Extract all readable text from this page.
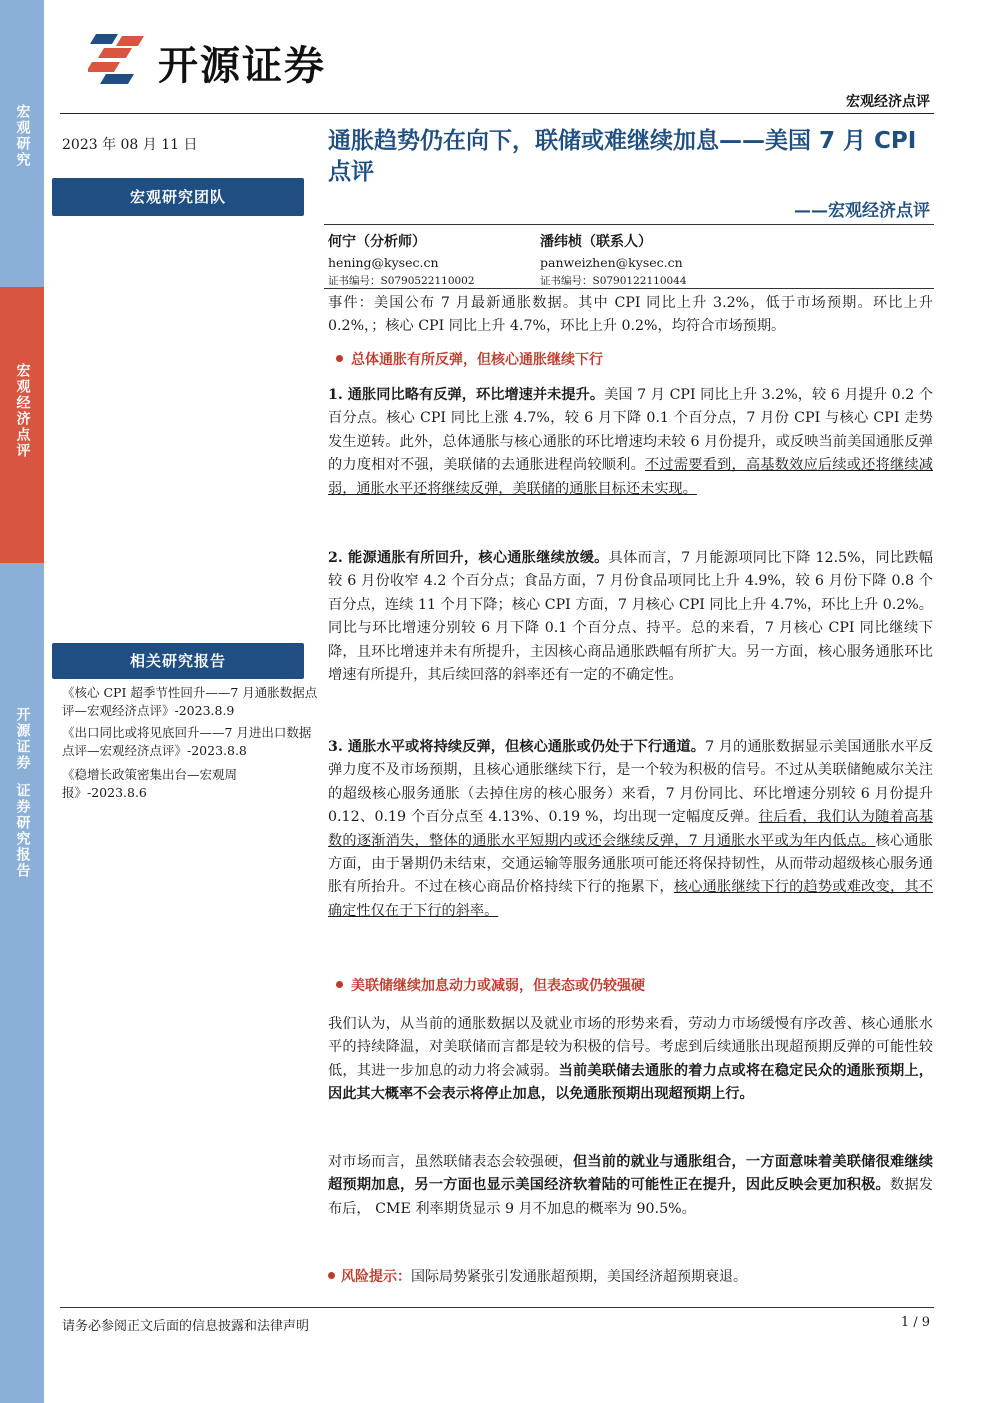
宏观研究
宏观经济点评
开源证券
证券研究报告
开源证券
宏观经济点评
2023 年 08 月 11 日
宏观研究团队
相关研究报告
《核心 CPI 超季节性回升——7 月通胀数据点评—宏观经济点评》-2023.8.9
《出口同比或将见底回升——7 月进出口数据点评—宏观经济点评》-2023.8.8
《稳增长政策密集出台—宏观周报》-2023.8.6
通胀趋势仍在向下，联储或难继续加息——美国 7 月 CPI 点评
——宏观经济点评
何宁（分析师）
hening@kysec.cn
证书编号：S0790522110002
潘纬桢（联系人）
panweizhen@kysec.cn
证书编号：S0790122110044

事件：美国公布 7 月最新通胀数据。其中 CPI 同比上升 3.2%，低于市场预期。环比上升 0.2%，；核心 CPI 同比上升 4.7%，环比上升 0.2%，均符合市场预期。

总体通胀有所反弹，但核心通胀继续下行

1. 通胀同比略有反弹，环比增速并未提升。美国 7 月 CPI 同比上升 3.2%，较 6 月提升 0.2 个百分点。核心 CPI 同比上涨 4.7%，较 6 月下降 0.1 个百分点，7 月份 CPI 与核心 CPI 走势发生逆转。此外，总体通胀与核心通胀的环比增速均未较 6 月份提升，或反映当前美国通胀反弹的力度相对不强，美联储的去通胀进程尚较顺利。不过需要看到，高基数效应后续或还将继续减弱，通胀水平还将继续反弹，美联储的通胀目标还未实现。

2. 能源通胀有所回升，核心通胀继续放缓。具体而言，7 月能源项同比下降 12.5%，同比跌幅较 6 月份收窄 4.2 个百分点；食品方面，7 月份食品项同比上升 4.9%，较 6 月份下降 0.8 个百分点，连续 11 个月下降；核心 CPI 方面，7 月核心 CPI 同比上升 4.7%，环比上升 0.2%。同比与环比增速分别较 6 月下降 0.1 个百分点、持平。总的来看，7 月核心 CPI 同比继续下降，且环比增速并未有所提升，主因核心商品通胀跌幅有所扩大。另一方面，核心服务通胀环比增速有所提升，其后续回落的斜率还有一定的不确定性。

3. 通胀水平或将持续反弹，但核心通胀或仍处于下行通道。7 月的通胀数据显示美国通胀水平反弹力度不及市场预期，且核心通胀继续下行，是一个较为积极的信号。不过从美联储鲍威尔关注的超级核心服务通胀（去掉住房的核心服务）来看，7 月份同比、环比增速分别较 6 月份提升 0.12、0.19 个百分点至 4.13%、0.19 %，均出现一定幅度反弹。往后看，我们认为随着高基数的逐渐消失，整体的通胀水平短期内或还会继续反弹，7 月通胀水平或为年内低点。核心通胀方面，由于暑期仍未结束，交通运输等服务通胀项可能还将保持韧性，从而带动超级核心服务通胀有所抬升。不过在核心商品价格持续下行的拖累下，核心通胀继续下行的趋势或难改变，其不确定性仅在于下行的斜率。

美联储继续加息动力或减弱，但表态或仍较强硬

我们认为，从当前的通胀数据以及就业市场的形势来看，劳动力市场缓慢有序改善、核心通胀水平的持续降温，对美联储而言都是较为积极的信号。考虑到后续通胀出现超预期反弹的可能性较低，其进一步加息的动力将会减弱。当前美联储去通胀的着力点或将在稳定民众的通胀预期上，因此其大概率不会表示将停止加息，以免通胀预期出现超预期上行。

对市场而言，虽然联储表态会较强硬，但当前的就业与通胀组合，一方面意味着美联储很难继续超预期加息，另一方面也显示美国经济软着陆的可能性正在提升，因此反映会更加积极。数据发布后， CME 利率期货显示 9 月不加息的概率为 90.5%。

风险提示：国际局势紧张引发通胀超预期，美国经济超预期衰退。
请务必参阅正文后面的信息披露和法律声明	1 / 9
